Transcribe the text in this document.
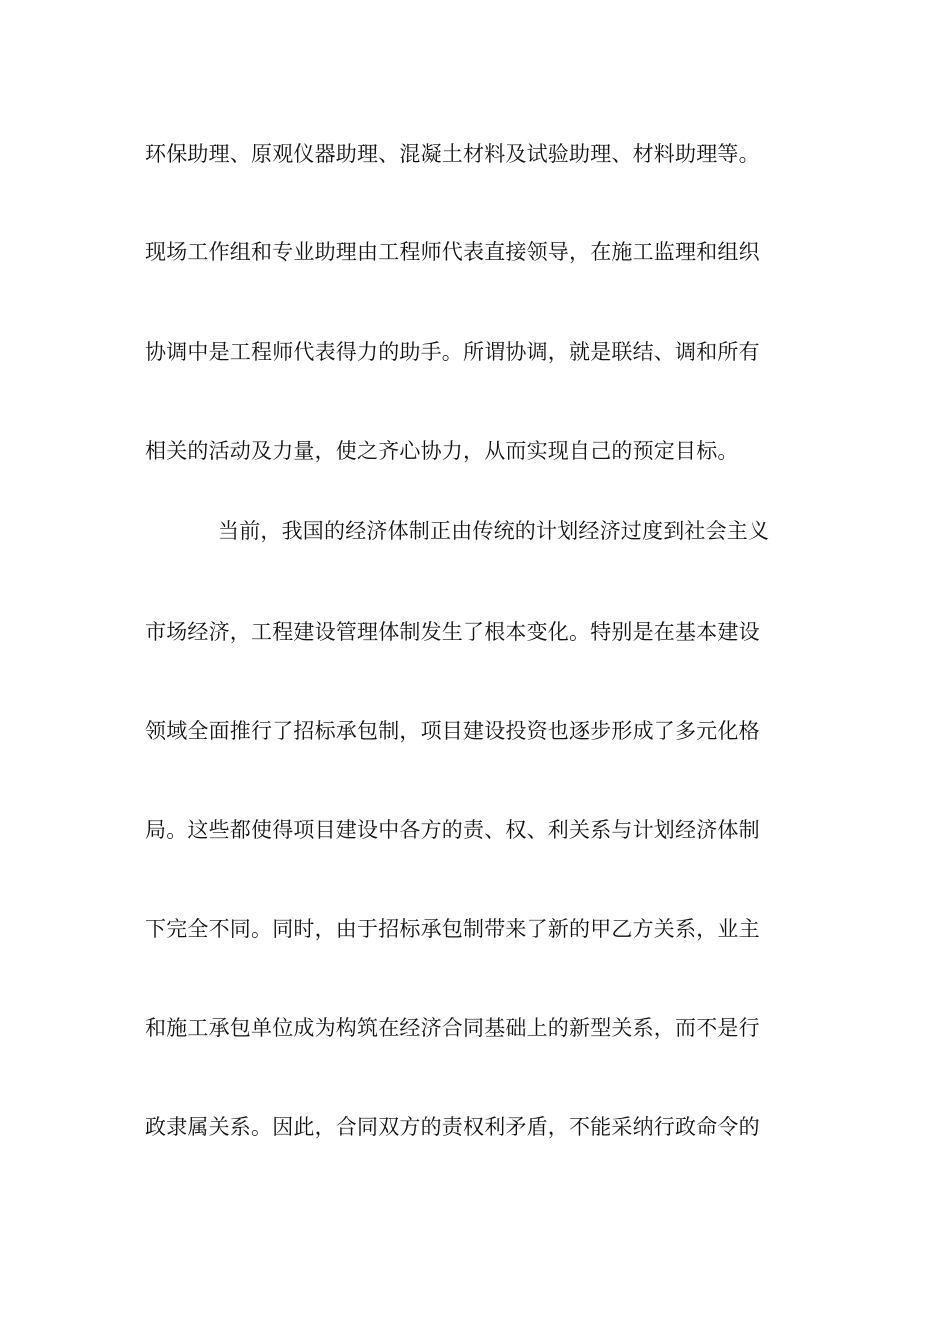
环保助理、原观仪器助理、混凝土材料及试验助理、材料助理等。
现场工作组和专业助理由工程师代表直接领导，在施工监理和组织
协调中是工程师代表得力的助手。所谓协调，就是联结、调和所有
相关的活动及力量，使之齐心协力，从而实现自己的预定目标。
当前，我国的经济体制正由传统的计划经济过度到社会主义
市场经济，工程建设管理体制发生了根本变化。特别是在基本建设
领域全面推行了招标承包制，项目建设投资也逐步形成了多元化格
局。这些都使得项目建设中各方的责、权、利关系与计划经济体制
下完全不同。同时，由于招标承包制带来了新的甲乙方关系，业主
和施工承包单位成为构筑在经济合同基础上的新型关系，而不是行
政隶属关系。因此，合同双方的责权利矛盾，不能采纳行政命令的
